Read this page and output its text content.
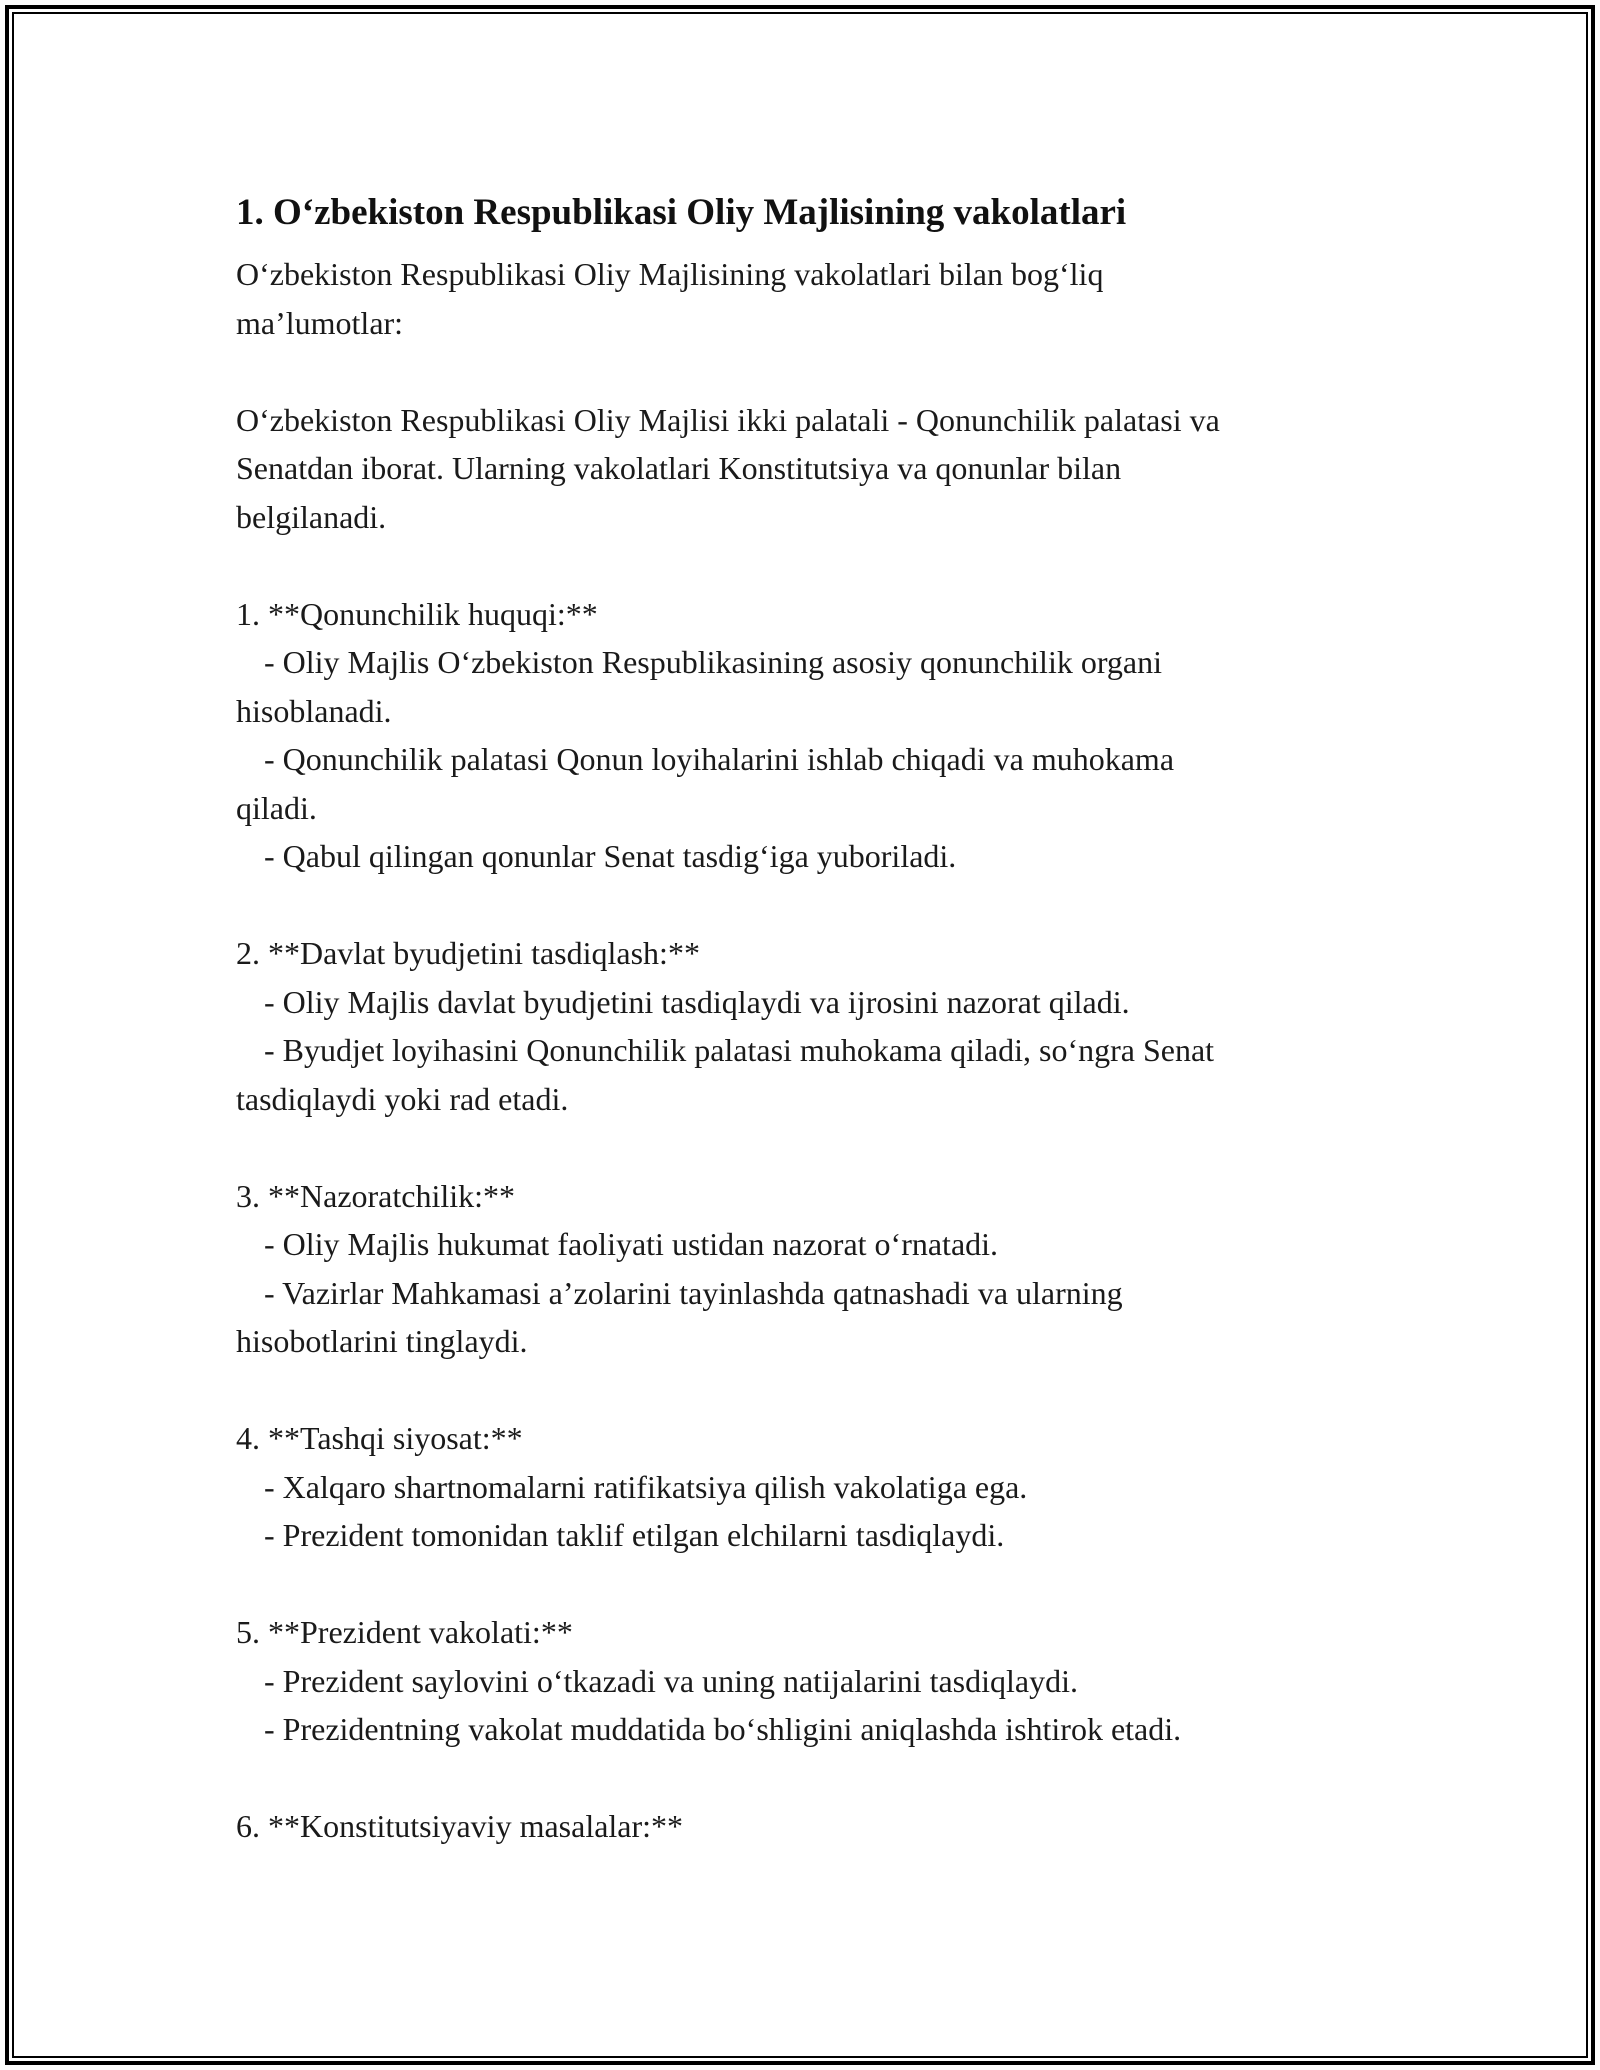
1. O‘zbekiston Respublikasi Oliy Majlisining vakolatlari
O‘zbekiston Respublikasi Oliy Majlisining vakolatlari bilan bog‘liq
ma’lumotlar:
O‘zbekiston Respublikasi Oliy Majlisi ikki palatali - Qonunchilik palatasi va
Senatdan iborat. Ularning vakolatlari Konstitutsiya va qonunlar bilan
belgilanadi.
1. **Qonunchilik huquqi:**
- Oliy Majlis O‘zbekiston Respublikasining asosiy qonunchilik organi
hisoblanadi.
- Qonunchilik palatasi Qonun loyihalarini ishlab chiqadi va muhokama
qiladi.
- Qabul qilingan qonunlar Senat tasdig‘iga yuboriladi.
2. **Davlat byudjetini tasdiqlash:**
- Oliy Majlis davlat byudjetini tasdiqlaydi va ijrosini nazorat qiladi.
- Byudjet loyihasini Qonunchilik palatasi muhokama qiladi, so‘ngra Senat
tasdiqlaydi yoki rad etadi.
3. **Nazoratchilik:**
- Oliy Majlis hukumat faoliyati ustidan nazorat o‘rnatadi.
- Vazirlar Mahkamasi a’zolarini tayinlashda qatnashadi va ularning
hisobotlarini tinglaydi.
4. **Tashqi siyosat:**
- Xalqaro shartnomalarni ratifikatsiya qilish vakolatiga ega.
- Prezident tomonidan taklif etilgan elchilarni tasdiqlaydi.
5. **Prezident vakolati:**
- Prezident saylovini o‘tkazadi va uning natijalarini tasdiqlaydi.
- Prezidentning vakolat muddatida bo‘shligini aniqlashda ishtirok etadi.
6. **Konstitutsiyaviy masalalar:**
